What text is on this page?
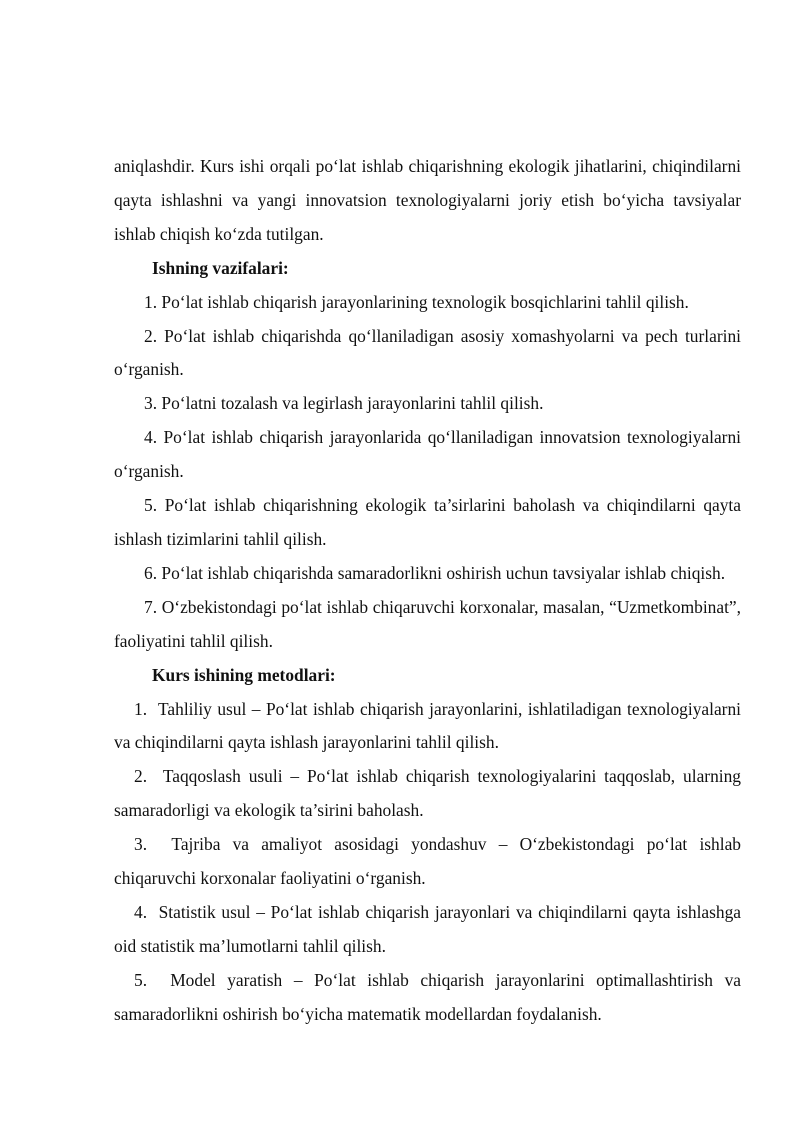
aniqlashdir. Kurs ishi orqali po‘lat ishlab chiqarishning ekologik jihatlarini, chiqindilarni qayta ishlashni va yangi innovatsion texnologiyalarni joriy etish bo‘yicha tavsiyalar ishlab chiqish ko‘zda tutilgan.

Ishning vazifalari:

1. Po‘lat ishlab chiqarish jarayonlarining texnologik bosqichlarini tahlil qilish.

2. Po‘lat ishlab chiqarishda qo‘llaniladigan asosiy xomashyolarni va pech turlarini o‘rganish.

3. Po‘latni tozalash va legirlash jarayonlarini tahlil qilish.

4. Po‘lat ishlab chiqarish jarayonlarida qo‘llaniladigan innovatsion texnologiyalarni o‘rganish.

5. Po‘lat ishlab chiqarishning ekologik ta’sirlarini baholash va chiqindilarni qayta ishlash tizimlarini tahlil qilish.

6. Po‘lat ishlab chiqarishda samaradorlikni oshirish uchun tavsiyalar ishlab chiqish.

7. O‘zbekistondagi po‘lat ishlab chiqaruvchi korxonalar, masalan, “Uzmetkombinat”, faoliyatini tahlil qilish.

Kurs ishining metodlari:

1. Tahliliy usul – Po‘lat ishlab chiqarish jarayonlarini, ishlatiladigan texnologiyalarni va chiqindilarni qayta ishlash jarayonlarini tahlil qilish.

2. Taqqoslash usuli – Po‘lat ishlab chiqarish texnologiyalarini taqqoslab, ularning samaradorligi va ekologik ta’sirini baholash.

3. Tajriba va amaliyot asosidagi yondashuv – O‘zbekistondagi po‘lat ishlab chiqaruvchi korxonalar faoliyatini o‘rganish.

4. Statistik usul – Po‘lat ishlab chiqarish jarayonlari va chiqindilarni qayta ishlashga oid statistik ma’lumotlarni tahlil qilish.

5. Model yaratish – Po‘lat ishlab chiqarish jarayonlarini optimallashtirish va samaradorlikni oshirish bo‘yicha matematik modellardan foydalanish.
